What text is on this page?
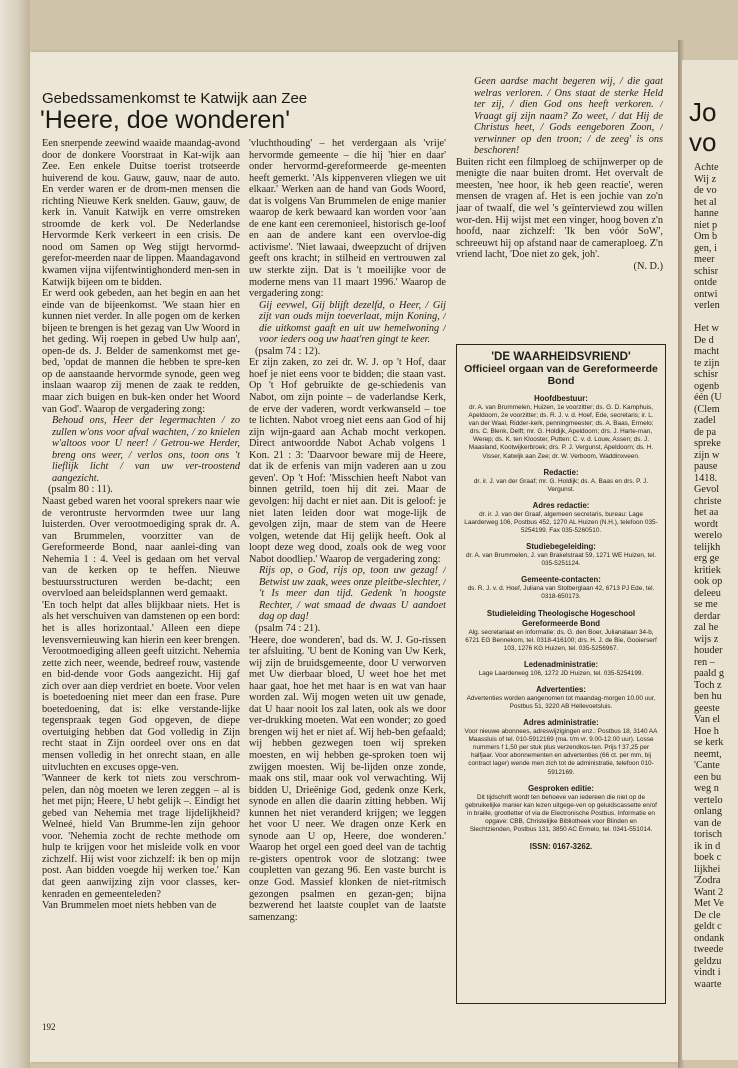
Jo
vo
Achte
Wij z
de vo
het al
hanne
niet p
Om b
gen, i
meer
schisr
ontde
ontwi
verlen

Het w
De d
macht
te zijn
schisr
ogenb
één (U
(Clem
zadel
de pa
spreke
zijn w
pause
1418.
Gevol
christe
het aa
wordt
werelo
telijkh
erg ge
kritiek
ook op
deleeu
se me
derdar
zal he
wijs z
houder
ren –
paald g
Toch z
ben hu
geeste
Van el
Hoe h
se kerk
neemt,
'Cante
een bu
weg n
vertelo
onlang
van de
torisch
ik in d
boek c
lijkhei
'Zodra
Want 2
Met Ve
De cle
geldt c
ondank
tweede
geldzu
vindt i
waarte
Gebedssamenkomst te Katwijk aan Zee
'Heere, doe wonderen'

Een snerpende zeewind waaide maandag-avond door de donkere Voorstraat in Kat-wijk aan Zee. Een enkele Duitse toerist trotseerde huiverend de kou. Gauw, gauw, naar de auto. En verder waren er de drom-men mensen die richting Nieuwe Kerk snelden. Gauw, gauw, de kerk in. Vanuit Katwijk en verre omstreken stroomde de kerk vol. De Nederlandse Hervormde Kerk verkeert in een crisis. De nood om Samen op Weg stijgt hervormd-gerefor-meerden naar de lippen. Maandagavond kwamen vijna vijfentwintighonderd men-sen in Katwijk bijeen om te bidden.

Er werd ook gebeden, aan het begin en aan het einde van de bijeenkomst. 'We staan hier en kunnen niet verder. In alle pogen om de kerken bijeen te brengen is het gezag van Uw Woord in het geding. Wij roepen in gebed Uw hulp aan', open-de ds. J. Belder de samenkomst met ge-bed, 'opdat de mannen die hebben te spre-ken op de aanstaande hervormde synode, geen weg inslaan waarop zij menen de zaak te redden, maar zich buigen en buk-ken onder het Woord van God'. Waarop de vergadering zong:

Behoud ons, Heer der legermachten / zo zullen w'ons voor afval wachten, / zo knielen w'altoos voor U neer! / Getrou-we Herder, breng ons weer, / verlos ons, toon ons 't lieflijk licht / van uw ver-troostend aangezicht.

(psalm 80 : 11).

Naast gebed waren het vooral sprekers naar wie de verontruste hervormden twee uur lang luisterden. Over verootmoediging sprak dr. A. van Brummelen, voorzitter van de Gereformeerde Bond, naar aanlei-ding van Nehemia 1 : 4. Veel is gedaan om het verval van de kerken op te heffen. Nieuwe bestuursstructuren werden be-dacht; een overvloed aan beleidsplannen werd gemaakt.

'En toch helpt dat alles blijkbaar niets. Het is als het verschuiven van damstenen op een bord: het is alles horizontaal.' Alleen een diepe levensvernieuwing kan hierin een keer brengen. Verootmoediging alleen geeft uitzicht. Nehemia zette zich neer, weende, bedreef rouw, vastende en bid-dende voor Gods aangezicht. Hij gaf zich over aan diep verdriet en boete. Voor velen is boetedoening niet meer dan een frase. Pure boetedoening, dat is: elke verstande-lijke tegenspraak tegen God opgeven, de diepe overtuiging hebben dat God volledig in Zijn recht staat in Zijn oordeel over ons en dat mensen volledig in het onrecht staan, en alle uitvluchten en excuses opge-ven.

'Wanneer de kerk tot niets zou verschrom-pelen, dan nòg moeten we leren zeggen – al is het met pijn; Heere, U hebt gelijk –. Eindigt het gebed van Nehemia met trage lijdelijkheid? Welneé, hield Van Brumme-len zijn gehoor voor. 'Nehemia zocht de rechte methode om hulp te krijgen voor het misleide volk en voor zichzelf. Hij wist voor zichzelf: ik ben op mijn post. Aan bidden voegde hij werken toe.' Kan dat geen aanwijzing zijn voor classes, ker-kenraden en gemeenteleden?

Van Brummelen moet niets hebben van de

'vluchthouding' – het verdergaan als 'vrije' hervormde gemeente – die hij 'hier en daar' onder hervormd-gereformeerde ge-meenten heeft gemerkt. 'Als kippenveren vliegen we uit elkaar.' Werken aan de hand van Gods Woord, dat is volgens Van Brummelen de enige manier waarop de kerk bewaard kan worden voor 'aan de ene kant een ceremonieel, historisch ge-loof en aan de andere kant een overvloe-dig activisme'. 'Niet lawaai, dweepzucht of drijven geeft ons kracht; in stilheid en vertrouwen zal uw sterkte zijn. Dat is 't moeilijke voor de moderne mens van 11 maart 1996.' Waarop de vergadering zong:

Gij eevwel, Gij blijft dezelfd, o Heer, / Gij zijt van ouds mijn toeverlaat, mijn Koning, / die uitkomst gaaft en uit uw hemelwoning / voor ieders oog uw haat'ren gingt te keer.

(psalm 74 : 12).

Er zijn zaken, zo zei dr. W. J. op 't Hof, daar hoef je niet eens voor te bidden; die staan vast. Op 't Hof gebruikte de ge-schiedenis van Nabot, om zijn pointe – de vaderlandse Kerk, de erve der vaderen, wordt verkwanseld – toe te lichten. Nabot vroeg niet eens aan God of hij zijn wijn-gaard aan Achab mocht verkopen. Direct antwoordde Nabot Achab volgens 1 Kon. 21 : 3: 'Daarvoor beware mij de Heere, dat ik de erfenis van mijn vaderen aan u zou geven'. Op 't Hof: 'Misschien heeft Nabot van binnen getrild, toen hij dit zei. Maar de gevolgen: hij dacht er niet aan. Dit is geloof: je niet laten leiden door wat moge-lijk de gevolgen zijn, maar de stem van de Heere volgen, wetende dat Hij gelijk heeft. Ook al loopt deze weg dood, zoals ook de weg voor Nabot doodliep.' Waarop de vergadering zong:

Rijs op, o God, rijs op, toon uw gezag! / Betwist uw zaak, wees onze pleitbe-slechter, / 't Is meer dan tijd. Gedenk 'n hoogste Rechter, / wat smaad de dwaas U aandoet dag op dag!

(psalm 74 : 21).

'Heere, doe wonderen', bad ds. W. J. Go-rissen ter afsluiting. 'U bent de Koning van Uw Kerk, wij zijn de bruidsgemeente, door U verworven met Uw dierbaar bloed, U weet hoe het met haar gaat, hoe het met haar is en wat van haar worden zal. Wij mogen weten uit uw genade, dat U haar nooit los zal laten, ook als we door ver-drukking moeten. Wat een wonder; zo goed brengen wij het er niet af. Wij heb-ben gefaald; wij hebben gezwegen toen wij spreken moesten, en wij hebben ge-sproken toen wij zwijgen moesten. Wij be-lijden onze zonde, maak ons stil, maar ook vol verwachting. Wij bidden U, Drieënige God, gedenk onze Kerk, synode en allen die daarin zitting hebben. Wij kunnen het niet veranderd krijgen; we leggen het voor U neer. We dragen onze Kerk en synode aan U op, Heere, doe wonderen.' Waarop het orgel een goed deel van de tachtig re-gisters opentrok voor de slotzang: twee coupletten van gezang 96. Een vaste burcht is onze God. Massief klonken de niet-ritmisch gezongen psalmen en gezan-gen; bijna bezwerend het laatste couplet van de laatste samenzang:

Geen aardse macht begeren wij, / die gaat welras verloren. / Ons staat de sterke Held ter zij, / dien God ons heeft verkoren. / Vraagt gij zijn naam? Zo weet, / dat Hij de Christus heet, / Gods eengeboren Zoon, / verwinner op den troon; / de zeeg' is ons beschoren!

Buiten richt een filmploeg de schijnwerper op de menigte die naar buiten dromt. Het overvalt de meesten, 'nee hoor, ik heb geen reactie', weren mensen de vragen af. Het is een jochie van zo'n jaar of twaalf, die wel 's geïnterviewd zou willen wor-den. Hij wijst met een vinger, hoog boven z'n hoofd, naar zichzelf: 'Ik ben vóór SoW', schreeuwt hij op afstand naar de cameraploeg. Z'n vriend lacht, 'Doe niet zo gek, joh'.

(N. D.)

192
'DE WAARHEIDSVRIEND'
Officieel orgaan van de Gereformeerde Bond
Hoofdbestuur:
dr. A. van Brummelen, Huizen, 1e voorzitter; ds. G. D. Kamphuis, Apeldoorn, 2e voorzitter; ds. R. J. v. d. Hoef, Ede, secretaris; ir. L. van der Waal, Ridder-kerk, penningmeester; ds. A. Baas, Ermelo; drs. C. Blenk, Delft; mr. G. Holdijk, Apeldoorn; drs. J. Harte-man, Werep; ds. K. ten Klooster, Putten; C. v. d. Louw, Assen; ds. J. Maasland, Kootwijkerbroek; drs. P. J. Vergunst, Apeldoorn; ds. H. Visser, Katwijk aan Zee; dr. W. Verboom, Waddinxveen.
Redactie:
dr. ir. J. van der Graaf; mr. G. Holdijk; ds. A. Baas en drs. P. J. Vergunst.
Adres redactie:
dr. ir. J. van der Graaf, algemeen secretaris, bureau: Lage Laarderweg 106, Postbus 452, 1270 AL Huizen (N.H.), telefoon 035-5254199. Fax 035-5260510.
Studiebegeleiding:
dr. A. van Brummelen, J. van Brakelstraat 59, 1271 WE Huizen, tel. 035-5251124.
Gemeente-contacten:
ds. R. J. v. d. Hoef, Juliana van Stolberglaan 42, 6713 PJ Ede, tel. 0318-650173.
Studieleiding Theologische Hogeschool Gereformeerde Bond
Alg. secretariaat en informatie: ds. G. den Boer, Julianalaan 34-b, 6721 EG Bennekom, tel. 0318-416100; drs. H. J. de Bie, Gooierserf 103, 1276 KG Huizen, tel. 035-5256967.
Ledenadministratie:
Lage Laarderweg 106, 1272 JD Huizen, tel. 035-5254199.
Advertenties:
Advertenties worden aangenomen tot maandag-morgen 10.00 uur, Postbus 51, 3220 AB Hellevoetsluis.
Adres administratie:
Voor nieuwe abonnees, adreswijzigingen enz.: Postbus 18, 3140 AA Maassluis of tel. 010-5912169 (ma. t/m vr. 9.00-12.00 uur). Losse nummers f 1,50 per stuk plus verzendkos-ten. Prijs f 37,25 per halfjaar. Voor abonnementen en advertenties (66 ct. per mm, bij contract lager) wende men zich tot de administratie, telefoon 010-5912169.
Gesproken editie:
Dit tijdschrift wordt ten behoeve van iedereen die niet op de gebruikelijke manier kan lezen uitgege-ven op geluidscassette en/of in braille, grootletter of via de Electronische Postbus. Informatie en opgave: CBB, Christelijke Bibliotheek voor Blinden en Slechtzienden, Postbus 131, 3850 AC Ermelo, tel. 0341-551014.
ISSN: 0167-3262.
